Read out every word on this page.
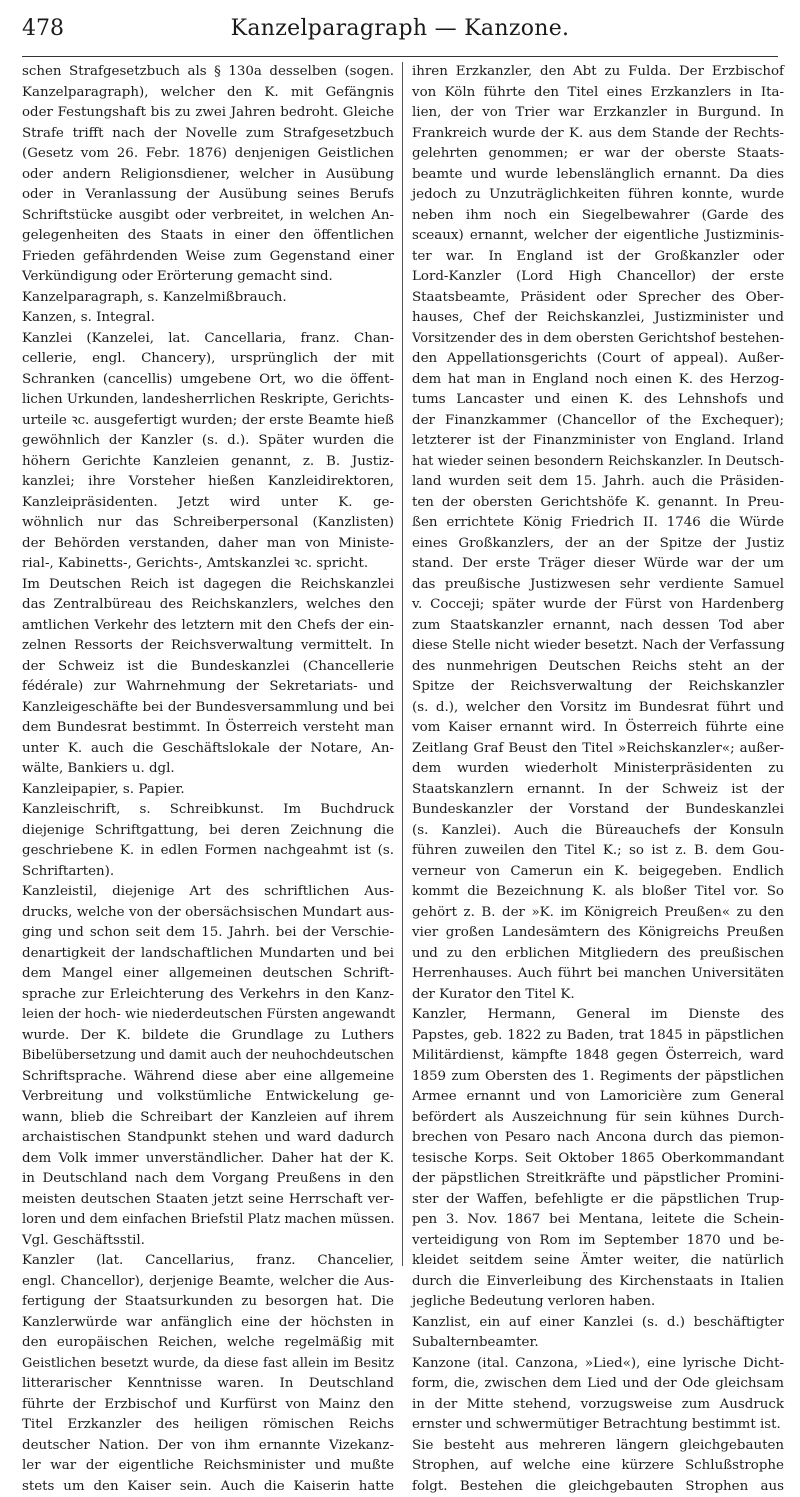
478	Kanzelparagraph — Kanzone.
schen Strafgesetzbuch als § 130a desselben (sogen.
Kanzelparagraph), welcher den K. mit Gefängnis
oder Festungshaft bis zu zwei Jahren bedroht. Gleiche
Strafe trifft nach der Novelle zum Strafgesetzbuch
(Gesetz vom 26. Febr. 1876) denjenigen Geistlichen
oder andern Religionsdiener, welcher in Ausübung
oder in Veranlassung der Ausübung seines Berufs
Schriftstücke ausgibt oder verbreitet, in welchen An-
gelegenheiten des Staats in einer den öffentlichen
Frieden gefährdenden Weise zum Gegenstand einer
Verkündigung oder Erörterung gemacht sind.
Kanzelparagraph, s. Kanzelmißbrauch.
Kanzen, s. Integral.
Kanzlei (Kanzelei, lat. Cancellaria, franz. Chan-
cellerie, engl. Chancery), ursprünglich der mit
Schranken (cancellis) umgebene Ort, wo die öffent-
lichen Urkunden, landesherrlichen Reskripte, Gerichts-
urteile ꝛc. ausgefertigt wurden; der erste Beamte hieß
gewöhnlich der Kanzler (s. d.). Später wurden die
höhern Gerichte Kanzleien genannt, z. B. Justiz-
kanzlei; ihre Vorsteher hießen Kanzleidirektoren,
Kanzleipräsidenten. Jetzt wird unter K. ge-
wöhnlich nur das Schreiberpersonal (Kanzlisten)
der Behörden verstanden, daher man von Ministe-
rial-, Kabinetts-, Gerichts-, Amtskanzlei ꝛc. spricht.
Im Deutschen Reich ist dagegen die Reichskanzlei
das Zentralbüreau des Reichskanzlers, welches den
amtlichen Verkehr des letztern mit den Chefs der ein-
zelnen Ressorts der Reichsverwaltung vermittelt. In
der Schweiz ist die Bundeskanzlei (Chancellerie
fédérale) zur Wahrnehmung der Sekretariats- und
Kanzleigeschäfte bei der Bundesversammlung und bei
dem Bundesrat bestimmt. In Österreich versteht man
unter K. auch die Geschäftslokale der Notare, An-
wälte, Bankiers u. dgl.
Kanzleipapier, s. Papier.
Kanzleischrift, s. Schreibkunst. Im Buchdruck
diejenige Schriftgattung, bei deren Zeichnung die
geschriebene K. in edlen Formen nachgeahmt ist (s.
Schriftarten).
Kanzleistil, diejenige Art des schriftlichen Aus-
drucks, welche von der obersächsischen Mundart aus-
ging und schon seit dem 15. Jahrh. bei der Verschie-
denartigkeit der landschaftlichen Mundarten und bei
dem Mangel einer allgemeinen deutschen Schrift-
sprache zur Erleichterung des Verkehrs in den Kanz-
leien der hoch- wie niederdeutschen Fürsten angewandt
wurde. Der K. bildete die Grundlage zu Luthers
Bibelübersetzung und damit auch der neuhochdeutschen
Schriftsprache. Während diese aber eine allgemeine
Verbreitung und volkstümliche Entwickelung ge-
wann, blieb die Schreibart der Kanzleien auf ihrem
archaistischen Standpunkt stehen und ward dadurch
dem Volk immer unverständlicher. Daher hat der K.
in Deutschland nach dem Vorgang Preußens in den
meisten deutschen Staaten jetzt seine Herrschaft ver-
loren und dem einfachen Briefstil Platz machen müssen.
Vgl. Geschäftsstil.
Kanzler (lat. Cancellarius, franz. Chancelier,
engl. Chancellor), derjenige Beamte, welcher die Aus-
fertigung der Staatsurkunden zu besorgen hat. Die
Kanzlerwürde war anfänglich eine der höchsten in
den europäischen Reichen, welche regelmäßig mit
Geistlichen besetzt wurde, da diese fast allein im Besitz
litterarischer Kenntnisse waren. In Deutschland
führte der Erzbischof und Kurfürst von Mainz den
Titel Erzkanzler des heiligen römischen Reichs
deutscher Nation. Der von ihm ernannte Vizekanz-
ler war der eigentliche Reichsminister und mußte
stets um den Kaiser sein. Auch die Kaiserin hatte
ihren Erzkanzler, den Abt zu Fulda. Der Erzbischof
von Köln führte den Titel eines Erzkanzlers in Ita-
lien, der von Trier war Erzkanzler in Burgund. In
Frankreich wurde der K. aus dem Stande der Rechts-
gelehrten genommen; er war der oberste Staats-
beamte und wurde lebenslänglich ernannt. Da dies
jedoch zu Unzuträglichkeiten führen konnte, wurde
neben ihm noch ein Siegelbewahrer (Garde des
sceaux) ernannt, welcher der eigentliche Justizminis-
ter war. In England ist der Großkanzler oder
Lord-Kanzler (Lord High Chancellor) der erste
Staatsbeamte, Präsident oder Sprecher des Ober-
hauses, Chef der Reichskanzlei, Justizminister und
Vorsitzender des in dem obersten Gerichtshof bestehen-
den Appellationsgerichts (Court of appeal). Außer-
dem hat man in England noch einen K. des Herzog-
tums Lancaster und einen K. des Lehnshofs und
der Finanzkammer (Chancellor of the Exchequer);
letzterer ist der Finanzminister von England. Irland
hat wieder seinen besondern Reichskanzler. In Deutsch-
land wurden seit dem 15. Jahrh. auch die Präsiden-
ten der obersten Gerichtshöfe K. genannt. In Preu-
ßen errichtete König Friedrich II. 1746 die Würde
eines Großkanzlers, der an der Spitze der Justiz
stand. Der erste Träger dieser Würde war der um
das preußische Justizwesen sehr verdiente Samuel
v. Cocceji; später wurde der Fürst von Hardenberg
zum Staatskanzler ernannt, nach dessen Tod aber
diese Stelle nicht wieder besetzt. Nach der Verfassung
des nunmehrigen Deutschen Reichs steht an der
Spitze der Reichsverwaltung der Reichskanzler
(s. d.), welcher den Vorsitz im Bundesrat führt und
vom Kaiser ernannt wird. In Österreich führte eine
Zeitlang Graf Beust den Titel »Reichskanzler«; außer-
dem wurden wiederholt Ministerpräsidenten zu
Staatskanzlern ernannt. In der Schweiz ist der
Bundeskanzler der Vorstand der Bundeskanzlei
(s. Kanzlei). Auch die Büreauchefs der Konsuln
führen zuweilen den Titel K.; so ist z. B. dem Gou-
verneur von Camerun ein K. beigegeben. Endlich
kommt die Bezeichnung K. als bloßer Titel vor. So
gehört z. B. der »K. im Königreich Preußen« zu den
vier großen Landesämtern des Königreichs Preußen
und zu den erblichen Mitgliedern des preußischen
Herrenhauses. Auch führt bei manchen Universitäten
der Kurator den Titel K.
Kanzler, Hermann, General im Dienste des
Papstes, geb. 1822 zu Baden, trat 1845 in päpstlichen
Militärdienst, kämpfte 1848 gegen Österreich, ward
1859 zum Obersten des 1. Regiments der päpstlichen
Armee ernannt und von Lamoricière zum General
befördert als Auszeichnung für sein kühnes Durch-
brechen von Pesaro nach Ancona durch das piemon-
tesische Korps. Seit Oktober 1865 Oberkommandant
der päpstlichen Streitkräfte und päpstlicher Promini-
ster der Waffen, befehligte er die päpstlichen Trup-
pen 3. Nov. 1867 bei Mentana, leitete die Schein-
verteidigung von Rom im September 1870 und be-
kleidet seitdem seine Ämter weiter, die natürlich
durch die Einverleibung des Kirchenstaats in Italien
jegliche Bedeutung verloren haben.
Kanzlist, ein auf einer Kanzlei (s. d.) beschäftigter
Subalternbeamter.
Kanzone (ital. Canzona, »Lied«), eine lyrische Dicht-
form, die, zwischen dem Lied und der Ode gleichsam
in der Mitte stehend, vorzugsweise zum Ausdruck
ernster und schwermütiger Betrachtung bestimmt ist.
Sie besteht aus mehreren längern gleichgebauten
Strophen, auf welche eine kürzere Schlußstrophe
folgt. Bestehen die gleichgebauten Strophen aus
